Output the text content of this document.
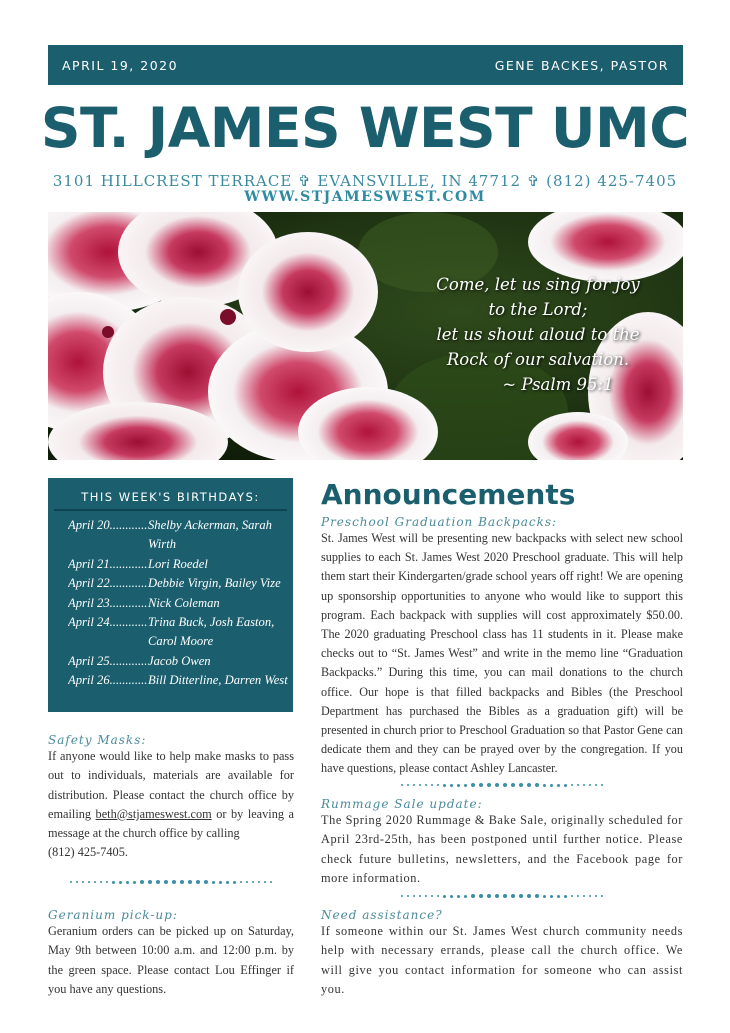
APRIL 19, 2020	GENE BACKES, PASTOR
ST. JAMES WEST UMC
3101 HILLCREST TERRACE ✞ EVANSVILLE, IN 47712 ✞ (812) 425-7405
WWW.STJAMESWEST.COM
Come, let us sing for joy
to the Lord;
let us shout aloud to the
Rock of our salvation.
~ Psalm 95:1
THIS WEEK'S BIRTHDAYS:
April 20 .....	Shelby Ackerman, Sarah Wirth
April 21 .....	Lori Roedel
April 22 .....	Debbie Virgin, Bailey Vize
April 23 .....	Nick Coleman
April 24 .....	Trina Buck, Josh Easton, Carol Moore
April 25 .....	Jacob Owen
April 26 .....	Bill Ditterline, Darren West
Safety Masks:
If anyone would like to help make masks to pass out to individuals, materials are available for distribution. Please contact the church office by emailing beth@stjameswest.com or by leaving a message at the church office by calling
(812) 425-7405.
Geranium pick-up:
Geranium orders can be picked up on Saturday, May 9th between 10:00 a.m. and 12:00 p.m. by the green space. Please contact Lou Effinger if you have any questions.
Announcements
Preschool Graduation Backpacks:
St. James West will be presenting new backpacks with select new school supplies to each St. James West 2020 Preschool graduate. This will help them start their Kindergarten/grade school years off right! We are opening up sponsorship opportunities to anyone who would like to support this program. Each backpack with supplies will cost approximately $50.00. The 2020 graduating Preschool class has 11 students in it. Please make checks out to “St. James West” and write in the memo line “Graduation Backpacks.” During this time, you can mail donations to the church office. Our hope is that filled backpacks and Bibles (the Preschool Department has purchased the Bibles as a graduation gift) will be presented in church prior to Preschool Graduation so that Pastor Gene can dedicate them and they can be prayed over by the congregation. If you have questions, please contact Ashley Lancaster.
Rummage Sale update:
The Spring 2020 Rummage & Bake Sale, originally scheduled for April 23rd-25th, has been postponed until further notice. Please check future bulletins, newsletters, and the Facebook page for more information.
Need assistance?
If someone within our St. James West church community needs help with necessary errands, please call the church office. We will give you contact information for someone who can assist you.
